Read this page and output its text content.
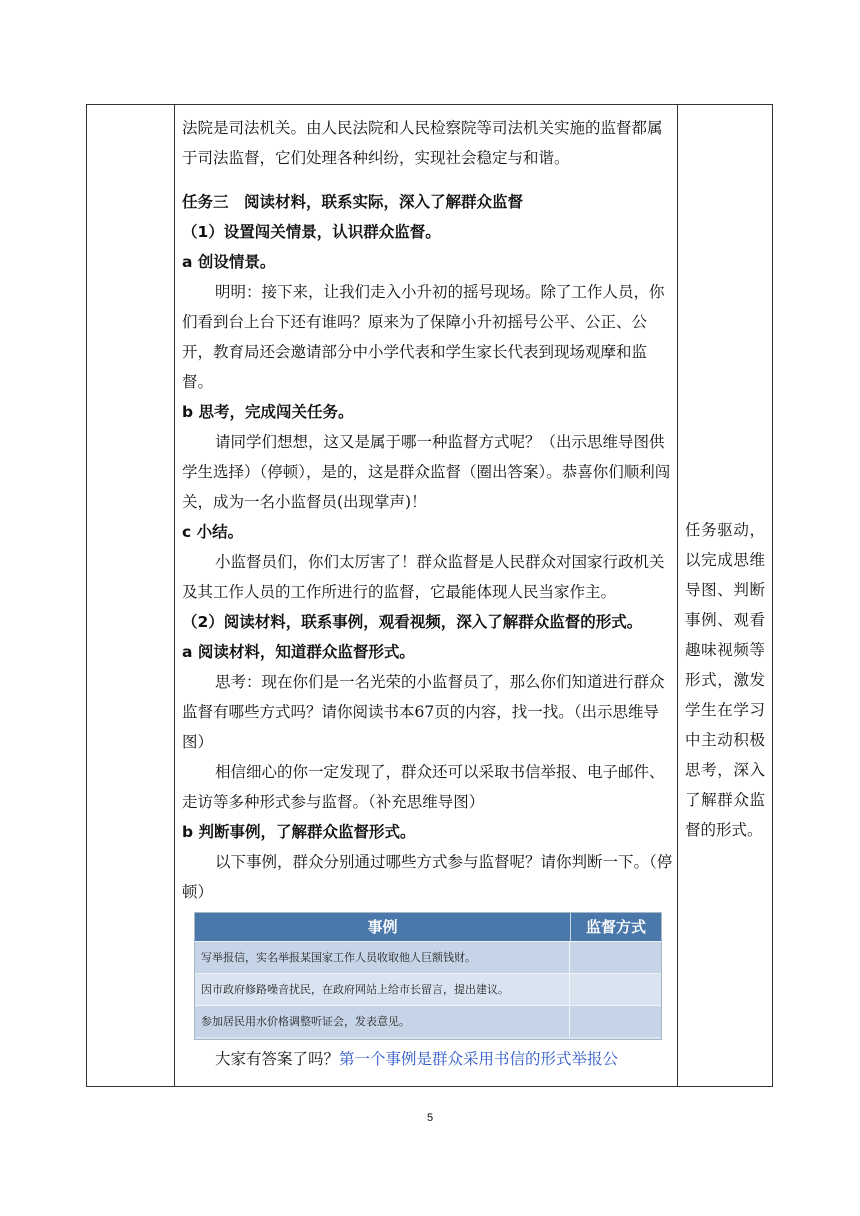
法院是司法机关。由人民法院和人民检察院等司法机关实施的监督都属于司法监督，它们处理各种纠纷，实现社会稳定与和谐。

任务三　阅读材料，联系实际，深入了解群众监督

（1）设置闯关情景，认识群众监督。

a 创设情景。

明明：接下来，让我们走入小升初的摇号现场。除了工作人员，你们看到台上台下还有谁吗？原来为了保障小升初摇号公平、公正、公开，教育局还会邀请部分中小学代表和学生家长代表到现场观摩和监督。

b 思考，完成闯关任务。

请同学们想想，这又是属于哪一种监督方式呢？（出示思维导图供学生选择）（停顿），是的，这是群众监督（圈出答案）。恭喜你们顺利闯关，成为一名小监督员(出现掌声)！

c 小结。

小监督员们，你们太厉害了！群众监督是人民群众对国家行政机关及其工作人员的工作所进行的监督，它最能体现人民当家作主。

（2）阅读材料，联系事例，观看视频，深入了解群众监督的形式。

a 阅读材料，知道群众监督形式。

思考：现在你们是一名光荣的小监督员了，那么你们知道进行群众监督有哪些方式吗？请你阅读书本67页的内容，找一找。（出示思维导图）

相信细心的你一定发现了，群众还可以采取书信举报、电子邮件、走访等多种形式参与监督。（补充思维导图）

b 判断事例，了解群众监督形式。

以下事例，群众分别通过哪些方式参与监督呢？请你判断一下。（停顿）

事例	监督方式
写举报信，实名举报某国家工作人员收取他人巨额钱财。
因市政府修路噪音扰民，在政府网站上给市长留言，提出建议。
参加居民用水价格调整听证会，发表意见。

大家有答案了吗？第一个事例是群众采用书信的形式举报公

任务驱动，以完成思维导图、判断事例、观看趣味视频等形式，激发学生在学习中主动积极思考，深入了解群众监督的形式。
5
